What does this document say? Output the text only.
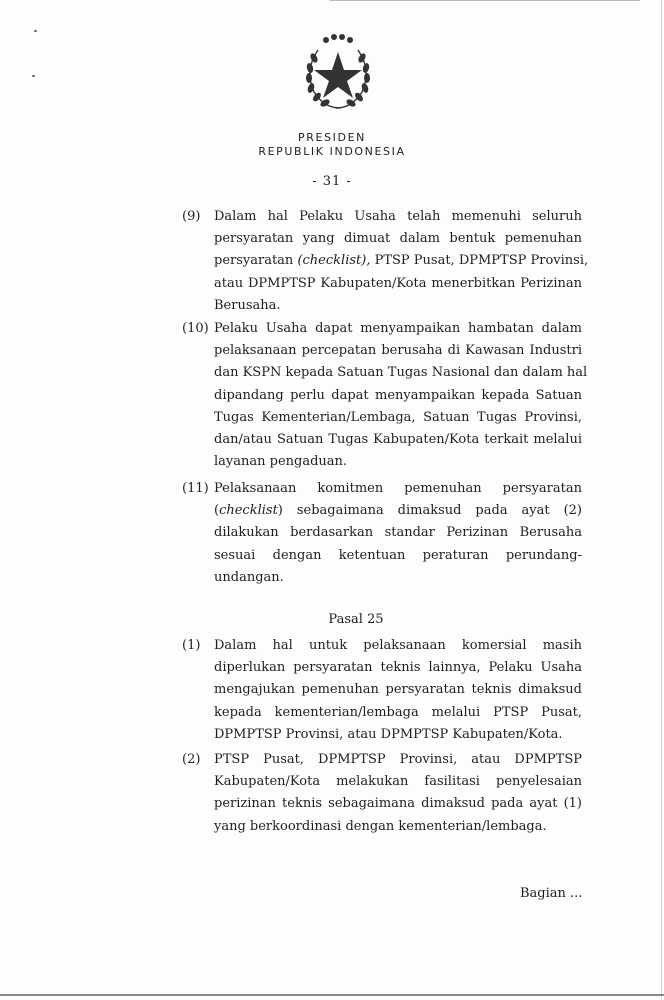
PRESIDEN
REPUBLIK INDONESIA
- 31 -
(9) Dalam hal Pelaku Usaha telah memenuhi seluruh
persyaratan yang dimuat dalam bentuk pemenuhan
persyaratan (checklist), PTSP Pusat, DPMPTSP Provinsi,
atau DPMPTSP Kabupaten/Kota menerbitkan Perizinan
Berusaha.
(10) Pelaku Usaha dapat menyampaikan hambatan dalam
pelaksanaan percepatan berusaha di Kawasan Industri
dan KSPN kepada Satuan Tugas Nasional dan dalam hal
dipandang perlu dapat menyampaikan kepada Satuan
Tugas Kementerian/Lembaga, Satuan Tugas Provinsi,
dan/atau Satuan Tugas Kabupaten/Kota terkait melalui
layanan pengaduan.
(11) Pelaksanaan komitmen pemenuhan persyaratan
(checklist) sebagaimana dimaksud pada ayat (2)
dilakukan berdasarkan standar Perizinan Berusaha
sesuai dengan ketentuan peraturan perundang-
undangan.
Pasal 25
(1) Dalam hal untuk pelaksanaan komersial masih
diperlukan persyaratan teknis lainnya, Pelaku Usaha
mengajukan pemenuhan persyaratan teknis dimaksud
kepada kementerian/lembaga melalui PTSP Pusat,
DPMPTSP Provinsi, atau DPMPTSP Kabupaten/Kota.
(2) PTSP Pusat, DPMPTSP Provinsi, atau DPMPTSP
Kabupaten/Kota melakukan fasilitasi penyelesaian
perizinan teknis sebagaimana dimaksud pada ayat (1)
yang berkoordinasi dengan kementerian/lembaga.
Bagian ...
